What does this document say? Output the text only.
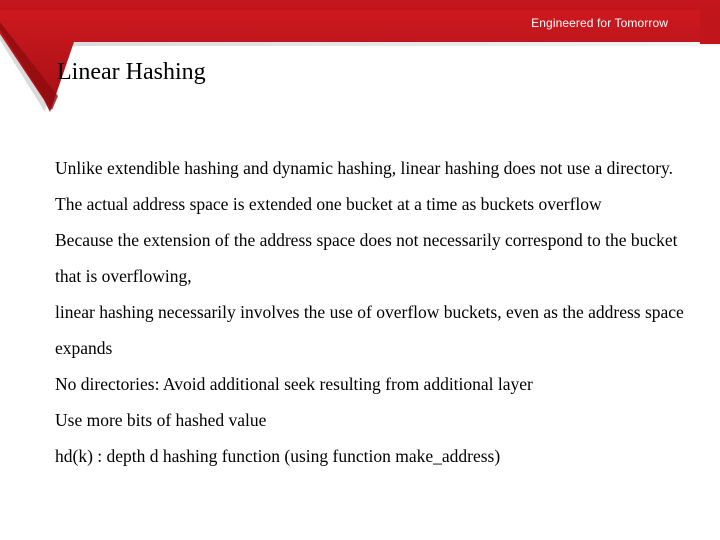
Engineered for Tomorrow
Linear Hashing
Unlike extendible hashing and dynamic hashing, linear hashing does not use a directory.
The actual address space is extended one bucket at a time as buckets overflow
Because the extension of the address space does not necessarily correspond to the bucket that is overflowing,
linear hashing necessarily involves the use of overflow buckets, even as the address space expands
No directories: Avoid additional seek resulting from additional layer
Use more bits of hashed value
hd(k) : depth d hashing function (using function make_address)
